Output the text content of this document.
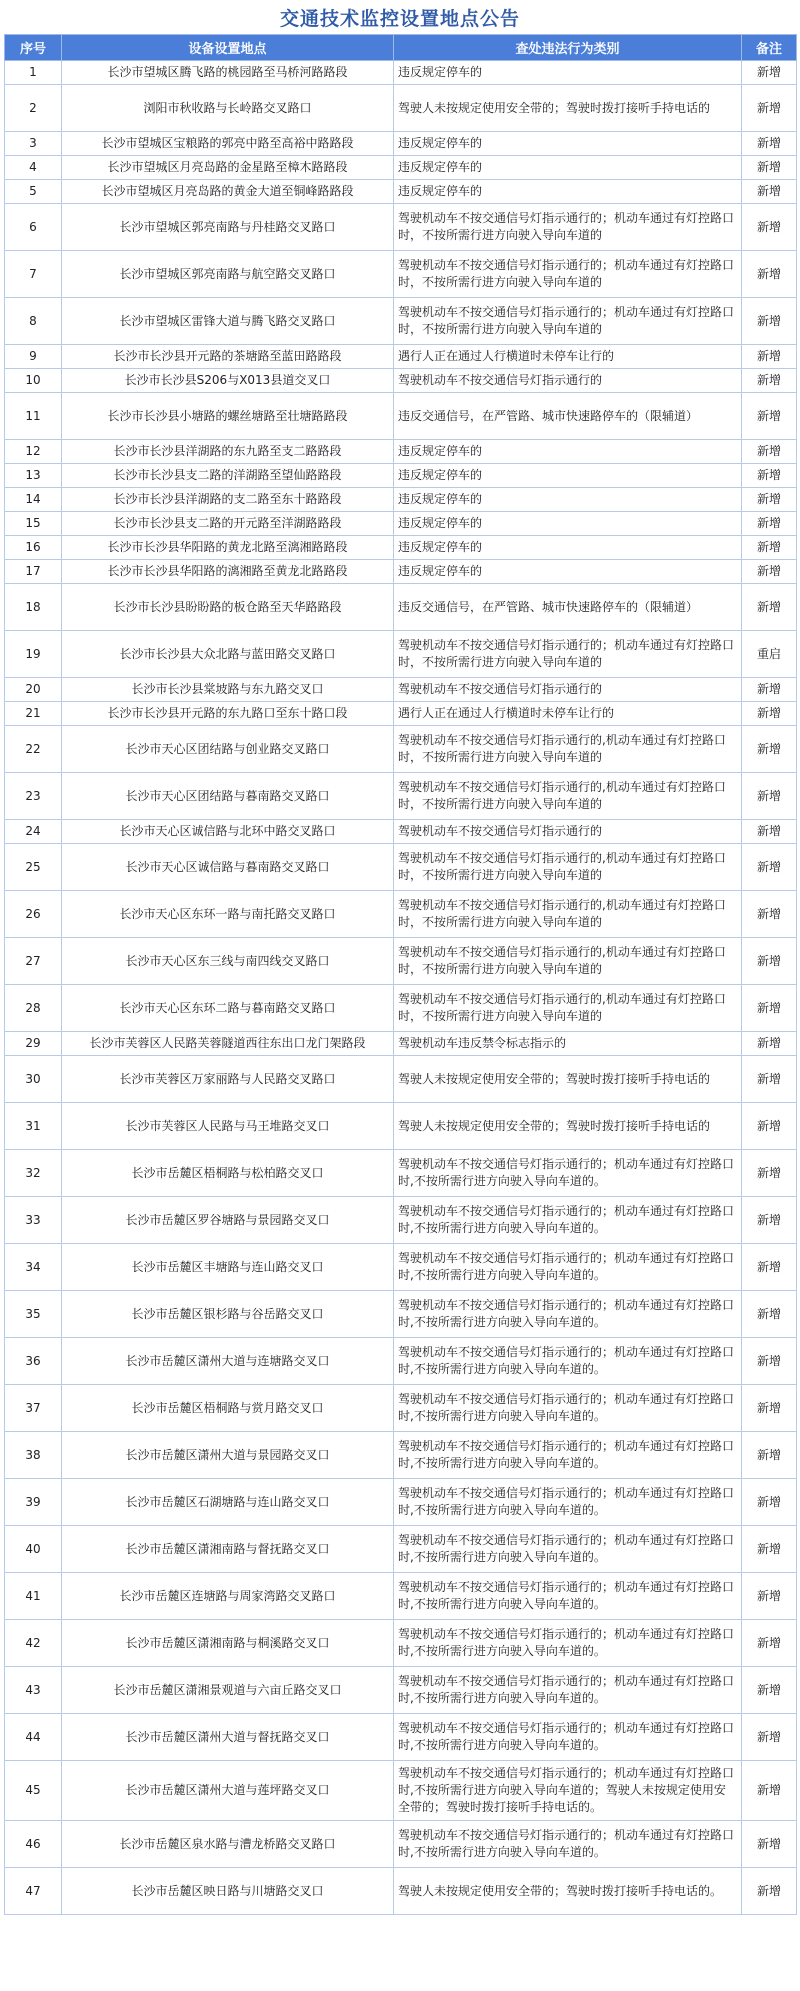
交通技术监控设置地点公告
序号	设备设置地点	查处违法行为类别	备注
1	长沙市望城区腾飞路的桃园路至马桥河路路段	违反规定停车的	新增
2	浏阳市秋收路与长岭路交叉路口	驾驶人未按规定使用安全带的；驾驶时拨打接听手持电话的	新增
3	长沙市望城区宝粮路的郭亮中路至高裕中路路段	违反规定停车的	新增
4	长沙市望城区月亮岛路的金星路至樟木路路段	违反规定停车的	新增
5	长沙市望城区月亮岛路的黄金大道至铜峰路路段	违反规定停车的	新增
6	长沙市望城区郭亮南路与丹桂路交叉路口	驾驶机动车不按交通信号灯指示通行的；机动车通过有灯控路口时，不按所需行进方向驶入导向车道的	新增
7	长沙市望城区郭亮南路与航空路交叉路口	驾驶机动车不按交通信号灯指示通行的；机动车通过有灯控路口时，不按所需行进方向驶入导向车道的	新增
8	长沙市望城区雷锋大道与腾飞路交叉路口	驾驶机动车不按交通信号灯指示通行的；机动车通过有灯控路口时，不按所需行进方向驶入导向车道的	新增
9	长沙市长沙县开元路的茶塘路至蓝田路路段	遇行人正在通过人行横道时未停车让行的	新增
10	长沙市长沙县S206与X013县道交叉口	驾驶机动车不按交通信号灯指示通行的	新增
11	长沙市长沙县小塘路的螺丝塘路至壮塘路路段	违反交通信号，在严管路、城市快速路停车的（限辅道）	新增
12	长沙市长沙县洋湖路的东九路至支二路路段	违反规定停车的	新增
13	长沙市长沙县支二路的洋湖路至望仙路路段	违反规定停车的	新增
14	长沙市长沙县洋湖路的支二路至东十路路段	违反规定停车的	新增
15	长沙市长沙县支二路的开元路至洋湖路路段	违反规定停车的	新增
16	长沙市长沙县华阳路的黄龙北路至漓湘路路段	违反规定停车的	新增
17	长沙市长沙县华阳路的漓湘路至黄龙北路路段	违反规定停车的	新增
18	长沙市长沙县盼盼路的板仓路至天华路路段	违反交通信号，在严管路、城市快速路停车的（限辅道）	新增
19	长沙市长沙县大众北路与蓝田路交叉路口	驾驶机动车不按交通信号灯指示通行的；机动车通过有灯控路口时，不按所需行进方向驶入导向车道的	重启
20	长沙市长沙县棠坡路与东九路交叉口	驾驶机动车不按交通信号灯指示通行的	新增
21	长沙市长沙县开元路的东九路口至东十路口段	遇行人正在通过人行横道时未停车让行的	新增
22	长沙市天心区团结路与创业路交叉路口	驾驶机动车不按交通信号灯指示通行的,机动车通过有灯控路口时，不按所需行进方向驶入导向车道的	新增
23	长沙市天心区团结路与暮南路交叉路口	驾驶机动车不按交通信号灯指示通行的,机动车通过有灯控路口时，不按所需行进方向驶入导向车道的	新增
24	长沙市天心区诚信路与北环中路交叉路口	驾驶机动车不按交通信号灯指示通行的	新增
25	长沙市天心区诚信路与暮南路交叉路口	驾驶机动车不按交通信号灯指示通行的,机动车通过有灯控路口时，不按所需行进方向驶入导向车道的	新增
26	长沙市天心区东环一路与南托路交叉路口	驾驶机动车不按交通信号灯指示通行的,机动车通过有灯控路口时，不按所需行进方向驶入导向车道的	新增
27	长沙市天心区东三线与南四线交叉路口	驾驶机动车不按交通信号灯指示通行的,机动车通过有灯控路口时，不按所需行进方向驶入导向车道的	新增
28	长沙市天心区东环二路与暮南路交叉路口	驾驶机动车不按交通信号灯指示通行的,机动车通过有灯控路口时，不按所需行进方向驶入导向车道的	新增
29	长沙市芙蓉区人民路芙蓉隧道西往东出口龙门架路段	驾驶机动车违反禁令标志指示的	新增
30	长沙市芙蓉区万家丽路与人民路交叉路口	驾驶人未按规定使用安全带的；驾驶时拨打接听手持电话的	新增
31	长沙市芙蓉区人民路与马王堆路交叉口	驾驶人未按规定使用安全带的；驾驶时拨打接听手持电话的	新增
32	长沙市岳麓区梧桐路与松柏路交叉口	驾驶机动车不按交通信号灯指示通行的；机动车通过有灯控路口时,不按所需行进方向驶入导向车道的。	新增
33	长沙市岳麓区罗谷塘路与景园路交叉口	驾驶机动车不按交通信号灯指示通行的；机动车通过有灯控路口时,不按所需行进方向驶入导向车道的。	新增
34	长沙市岳麓区丰塘路与连山路交叉口	驾驶机动车不按交通信号灯指示通行的；机动车通过有灯控路口时,不按所需行进方向驶入导向车道的。	新增
35	长沙市岳麓区银杉路与谷岳路交叉口	驾驶机动车不按交通信号灯指示通行的；机动车通过有灯控路口时,不按所需行进方向驶入导向车道的。	新增
36	长沙市岳麓区潇州大道与连塘路交叉口	驾驶机动车不按交通信号灯指示通行的；机动车通过有灯控路口时,不按所需行进方向驶入导向车道的。	新增
37	长沙市岳麓区梧桐路与赏月路交叉口	驾驶机动车不按交通信号灯指示通行的；机动车通过有灯控路口时,不按所需行进方向驶入导向车道的。	新增
38	长沙市岳麓区潇州大道与景园路交叉口	驾驶机动车不按交通信号灯指示通行的；机动车通过有灯控路口时,不按所需行进方向驶入导向车道的。	新增
39	长沙市岳麓区石湖塘路与连山路交叉口	驾驶机动车不按交通信号灯指示通行的；机动车通过有灯控路口时,不按所需行进方向驶入导向车道的。	新增
40	长沙市岳麓区潇湘南路与督抚路交叉口	驾驶机动车不按交通信号灯指示通行的；机动车通过有灯控路口时,不按所需行进方向驶入导向车道的。	新增
41	长沙市岳麓区连塘路与周家湾路交叉路口	驾驶机动车不按交通信号灯指示通行的；机动车通过有灯控路口时,不按所需行进方向驶入导向车道的。	新增
42	长沙市岳麓区潇湘南路与桐溪路交叉口	驾驶机动车不按交通信号灯指示通行的；机动车通过有灯控路口时,不按所需行进方向驶入导向车道的。	新增
43	长沙市岳麓区潇湘景观道与六亩丘路交叉口	驾驶机动车不按交通信号灯指示通行的；机动车通过有灯控路口时,不按所需行进方向驶入导向车道的。	新增
44	长沙市岳麓区潇州大道与督抚路交叉口	驾驶机动车不按交通信号灯指示通行的；机动车通过有灯控路口时,不按所需行进方向驶入导向车道的。	新增
45	长沙市岳麓区潇州大道与莲坪路交叉口	驾驶机动车不按交通信号灯指示通行的；机动车通过有灯控路口时,不按所需行进方向驶入导向车道的；驾驶人未按规定使用安全带的；驾驶时拨打接听手持电话的。	新增
46	长沙市岳麓区泉水路与漕龙桥路交叉路口	驾驶机动车不按交通信号灯指示通行的；机动车通过有灯控路口时,不按所需行进方向驶入导向车道的。	新增
47	长沙市岳麓区映日路与川塘路交叉口	驾驶人未按规定使用安全带的；驾驶时拨打接听手持电话的。	新增
